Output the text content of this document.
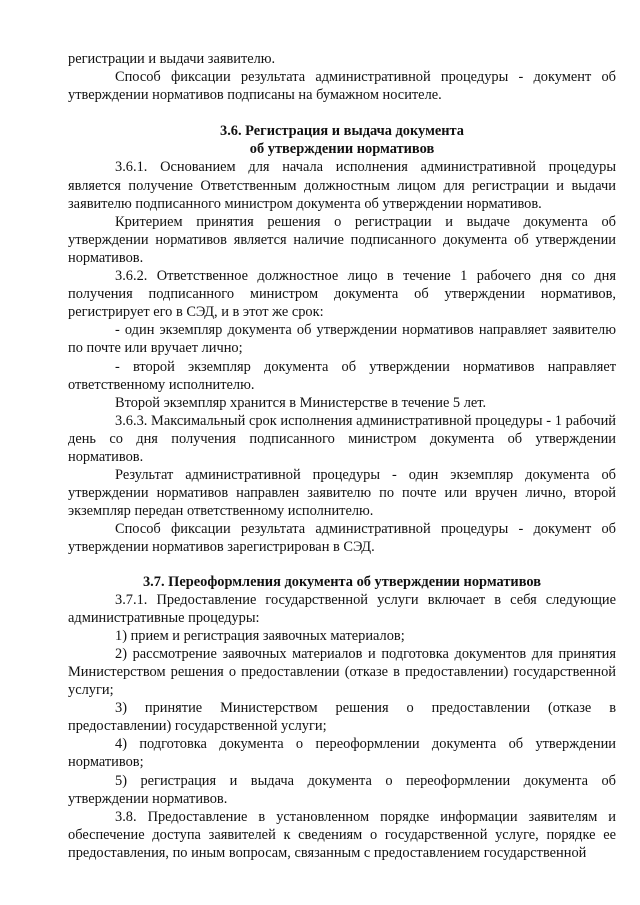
регистрации и выдачи заявителю.

Способ фиксации результата административной процедуры - документ об утверждении нормативов подписаны на бумажном носителе.

3.6. Регистрация и выдача документа

об утверждении нормативов

3.6.1. Основанием для начала исполнения административной процедуры является получение Ответственным должностным лицом для регистрации и выдачи заявителю подписанного министром документа об утверждении нормативов.

Критерием принятия решения о регистрации и выдаче документа об утверждении нормативов является наличие подписанного документа об утверждении нормативов.

3.6.2. Ответственное должностное лицо в течение 1 рабочего дня со дня получения подписанного министром документа об утверждении нормативов, регистрирует его в СЭД, и в этот же срок:

- один экземпляр документа об утверждении нормативов направляет заявителю по почте или вручает лично;

- второй экземпляр документа об утверждении нормативов направляет ответственному исполнителю.

Второй экземпляр хранится в Министерстве в течение 5 лет.

3.6.3. Максимальный срок исполнения административной процедуры - 1 рабочий день со дня получения подписанного министром документа об утверждении нормативов.

Результат административной процедуры - один экземпляр документа об утверждении нормативов направлен заявителю по почте или вручен лично, второй экземпляр передан ответственному исполнителю.

Способ фиксации результата административной процедуры - документ об утверждении нормативов зарегистрирован в СЭД.

3.7. Переоформления документа об утверждении нормативов

3.7.1. Предоставление государственной услуги включает в себя следующие административные процедуры:

1) прием и регистрация заявочных материалов;

2) рассмотрение заявочных материалов и подготовка документов для принятия Министерством решения о предоставлении (отказе в предоставлении) государственной услуги;

3) принятие Министерством решения о предоставлении (отказе в предоставлении) государственной услуги;

4) подготовка документа о переоформлении документа об утверждении нормативов;

5) регистрация и выдача документа о переоформлении документа об утверждении нормативов.

3.8. Предоставление в установленном порядке информации заявителям и обеспечение доступа заявителей к сведениям о государственной услуге, порядке ее предоставления, по иным вопросам, связанным с предоставлением государственной
